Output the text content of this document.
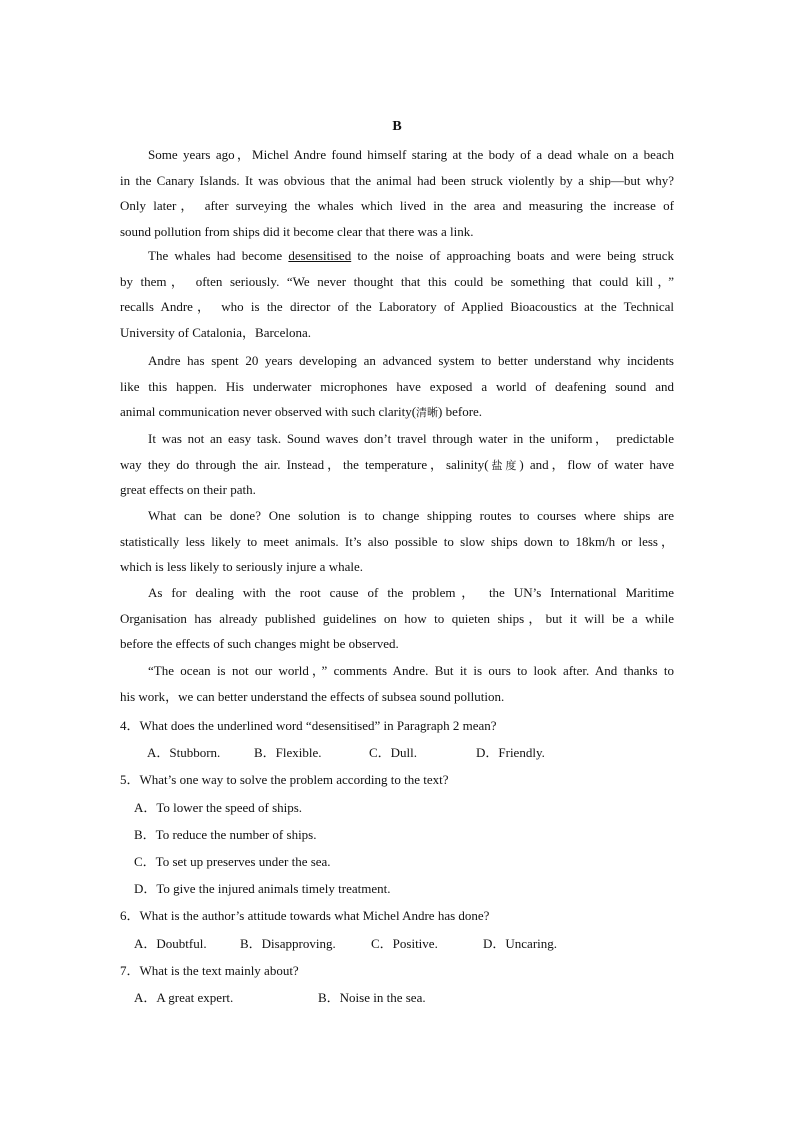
B
Some years ago，Michel Andre found himself staring at the body of a dead whale on a beach
in the Canary Islands. It was obvious that the animal had been struck violently by a ship—but why?
Only later， after surveying the whales which lived in the area and measuring the increase of
sound pollution from ships did it become clear that there was a link.
The whales had become desensitised to the noise of approaching boats and were being struck
by them， often seriously. “We never thought that this could be something that could kill，”
recalls Andre， who is the director of the Laboratory of Applied Bioacoustics at the Technical
University of Catalonia，Barcelona.
Andre has spent 20 years developing an advanced system to better understand why incidents
like this happen. His underwater microphones have exposed a world of deafening sound and
animal communication never observed with such clarity(清晰) before.
It was not an easy task. Sound waves don’t travel through water in the uniform， predictable
way they do through the air. Instead，the temperature，salinity(盐度) and，flow of water have
great effects on their path.
What can be done? One solution is to change shipping routes to courses where ships are
statistically less likely to meet animals. It’s also possible to slow ships down to 18km/h or less，
which is less likely to seriously injure a whale.
As for dealing with the root cause of the problem， the UN’s International Maritime
Organisation has already published guidelines on how to quieten ships，but it will be a while
before the effects of such changes might be observed.
“The ocean is not our world，” comments Andre. But it is ours to look after. And thanks to
his work，we can better understand the effects of subsea sound pollution.
4．What does the underlined word “desensitised” in Paragraph 2 mean?
A．Stubborn.	B．Flexible.	C．Dull.	D．Friendly.
5．What’s one way to solve the problem according to the text?
A．To lower the speed of ships.
B．To reduce the number of ships.
C．To set up preserves under the sea.
D．To give the injured animals timely treatment.
6．What is the author’s attitude towards what Michel Andre has done?
A．Doubtful.	B．Disapproving.	C．Positive.	D．Uncaring.
7．What is the text mainly about?
A．A great expert.	B．Noise in the sea.
